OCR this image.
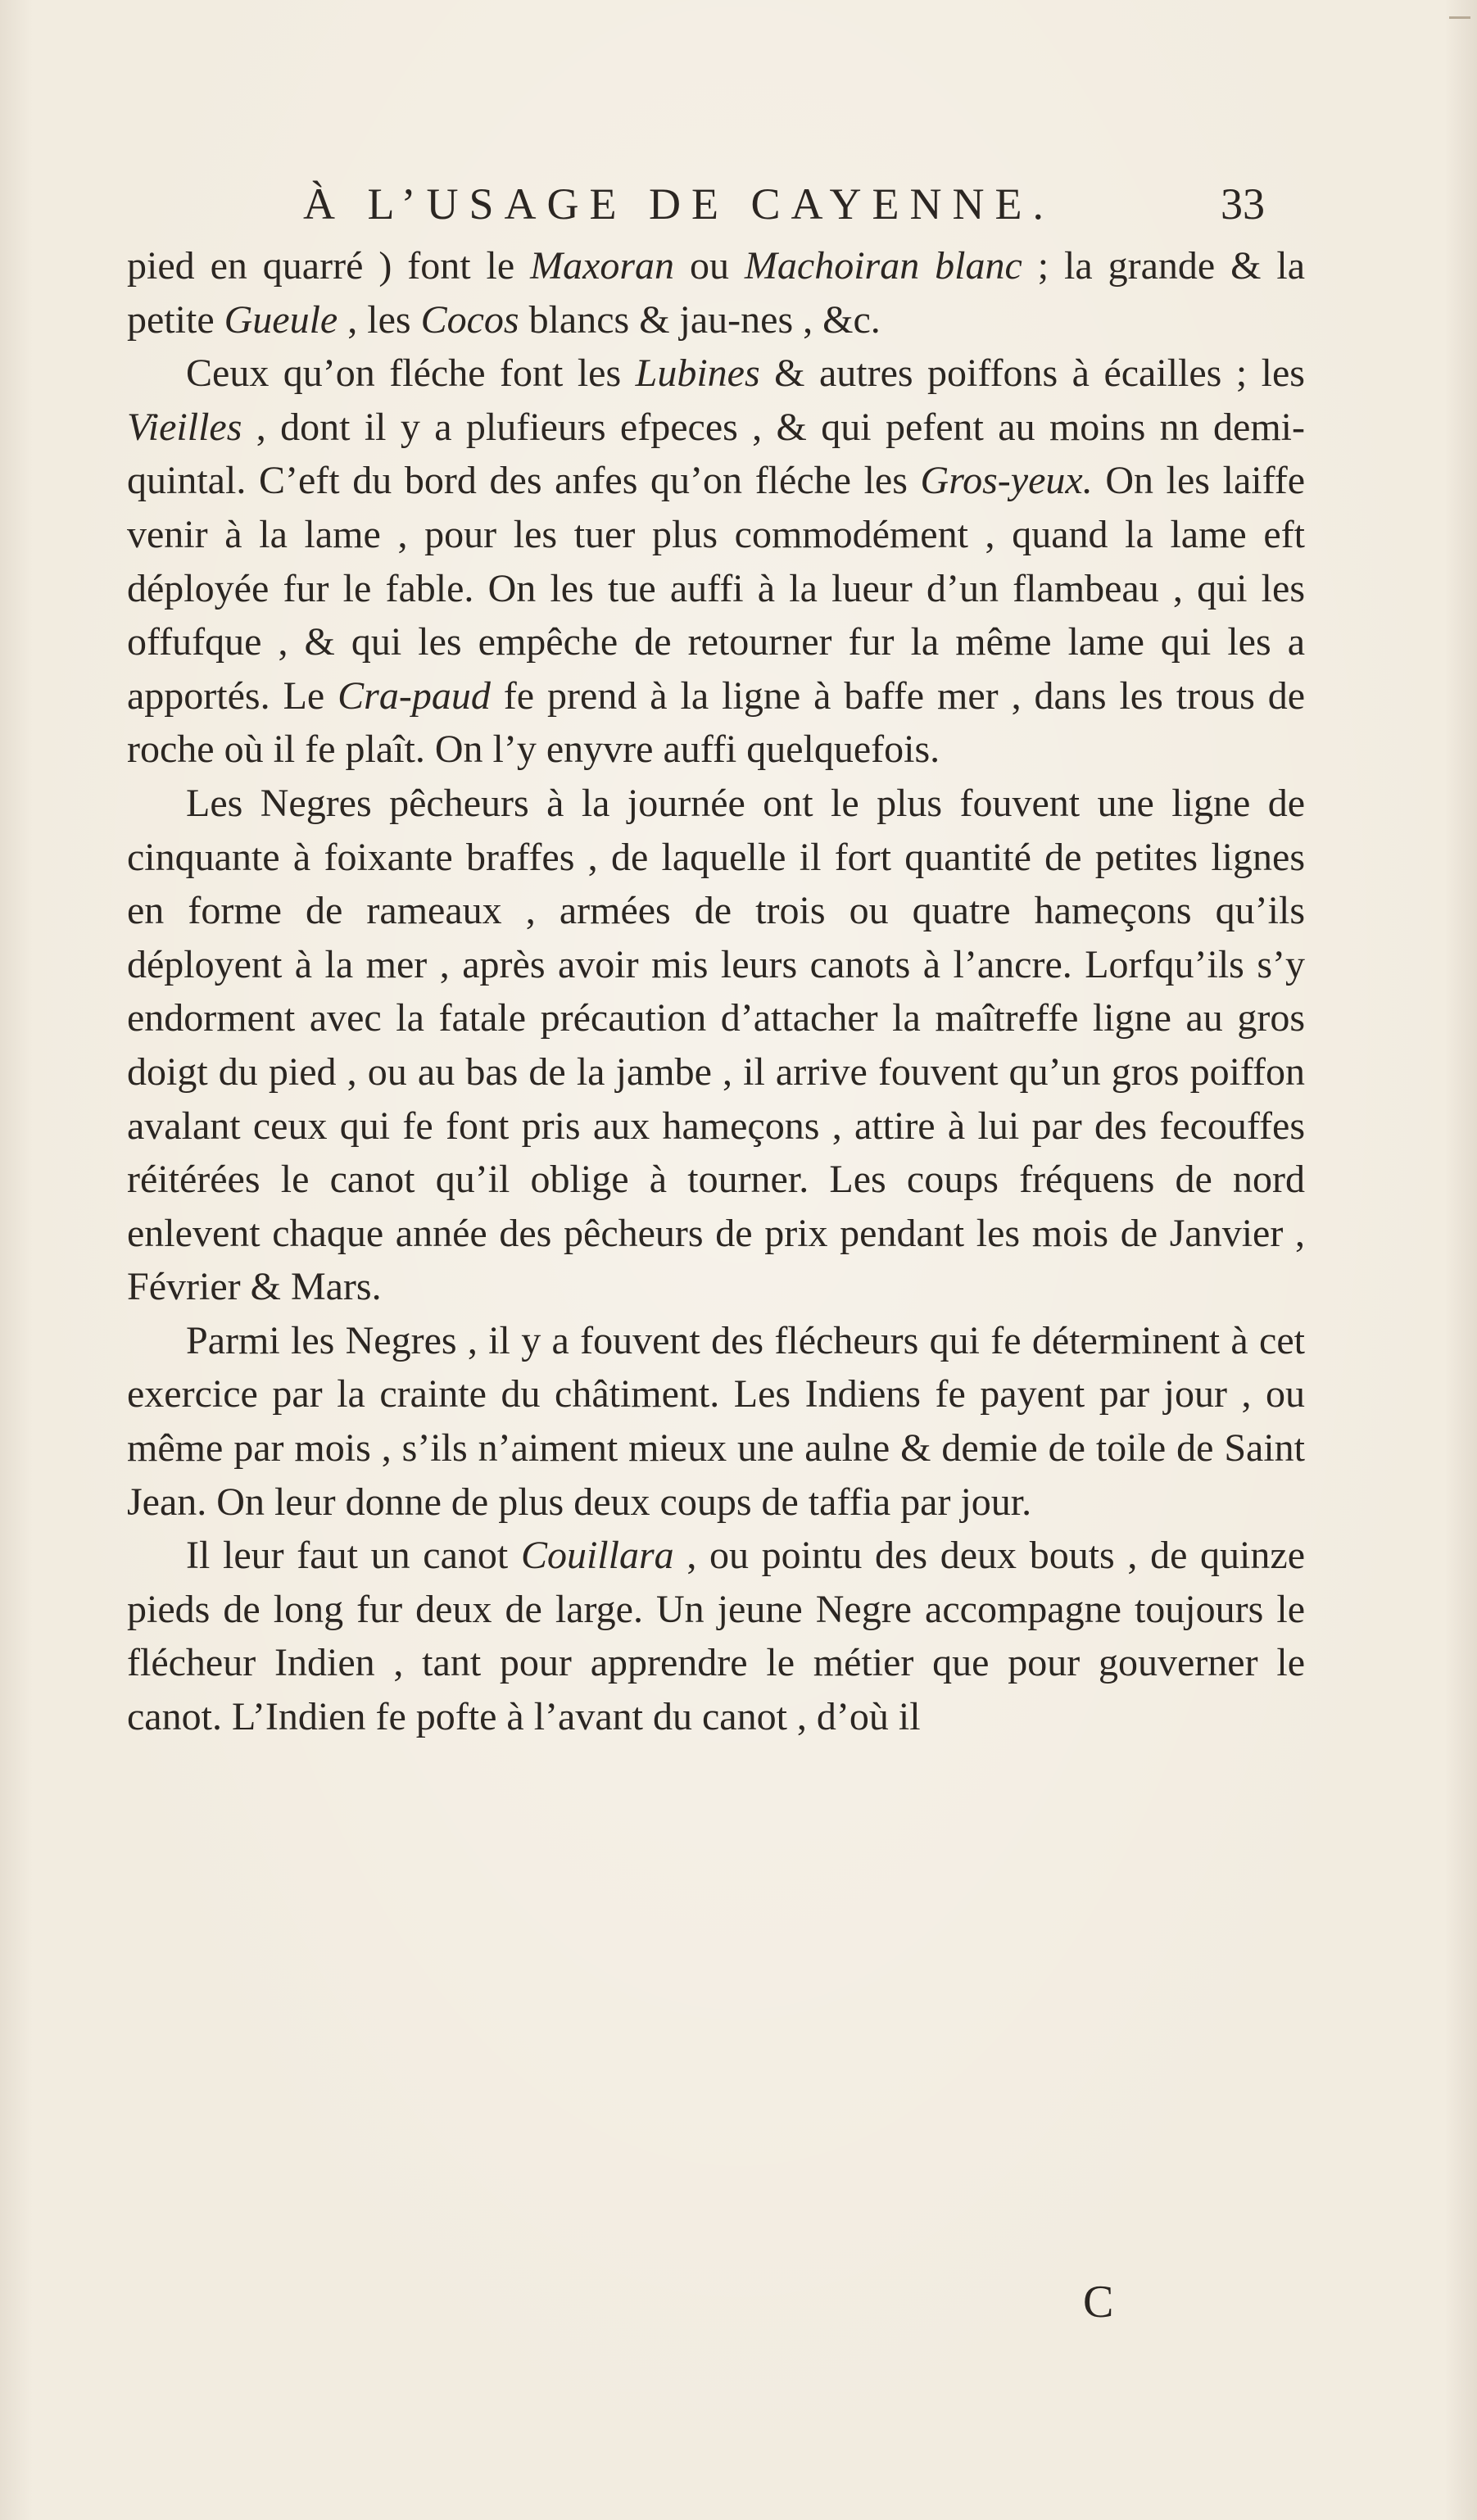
À L’USAGE DE CAYENNE.	33

pied en quarré ) font le Maxoran ou Machoiran blanc ; la grande & la petite Gueule , les Cocos blancs & jau-nes , &c.

Ceux qu’on fléche font les Lubines & autres poiffons à écailles ; les Vieilles , dont il y a plufieurs efpeces , & qui pefent au moins nn demi-quintal. C’eft du bord des anfes qu’on fléche les Gros-yeux. On les laiffe venir à la lame , pour les tuer plus commodément , quand la lame eft déployée fur le fable. On les tue auffi à la lueur d’un flambeau , qui les offufque , & qui les empêche de retourner fur la même lame qui les a apportés. Le Cra-paud fe prend à la ligne à baffe mer , dans les trous de roche où il fe plaît. On l’y enyvre auffi quelquefois.

Les Negres pêcheurs à la journée ont le plus fouvent une ligne de cinquante à foixante braffes , de laquelle il fort quantité de petites lignes en forme de rameaux , armées de trois ou quatre hameçons qu’ils déployent à la mer , après avoir mis leurs canots à l’ancre. Lorfqu’ils s’y endorment avec la fatale précaution d’attacher la maîtreffe ligne au gros doigt du pied , ou au bas de la jambe , il arrive fouvent qu’un gros poiffon avalant ceux qui fe font pris aux hameçons , attire à lui par des fecouffes réitérées le canot qu’il oblige à tourner. Les coups fréquens de nord enlevent chaque année des pêcheurs de prix pendant les mois de Janvier , Février & Mars.

Parmi les Negres , il y a fouvent des flécheurs qui fe déterminent à cet exercice par la crainte du châtiment. Les Indiens fe payent par jour , ou même par mois , s’ils n’aiment mieux une aulne & demie de toile de Saint Jean. On leur donne de plus deux coups de taffia par jour.

Il leur faut un canot Couillara , ou pointu des deux bouts , de quinze pieds de long fur deux de large. Un jeune Negre accompagne toujours le flécheur Indien , tant pour apprendre le métier que pour gouverner le canot. L’Indien fe pofte à l’avant du canot , d’où il

C
